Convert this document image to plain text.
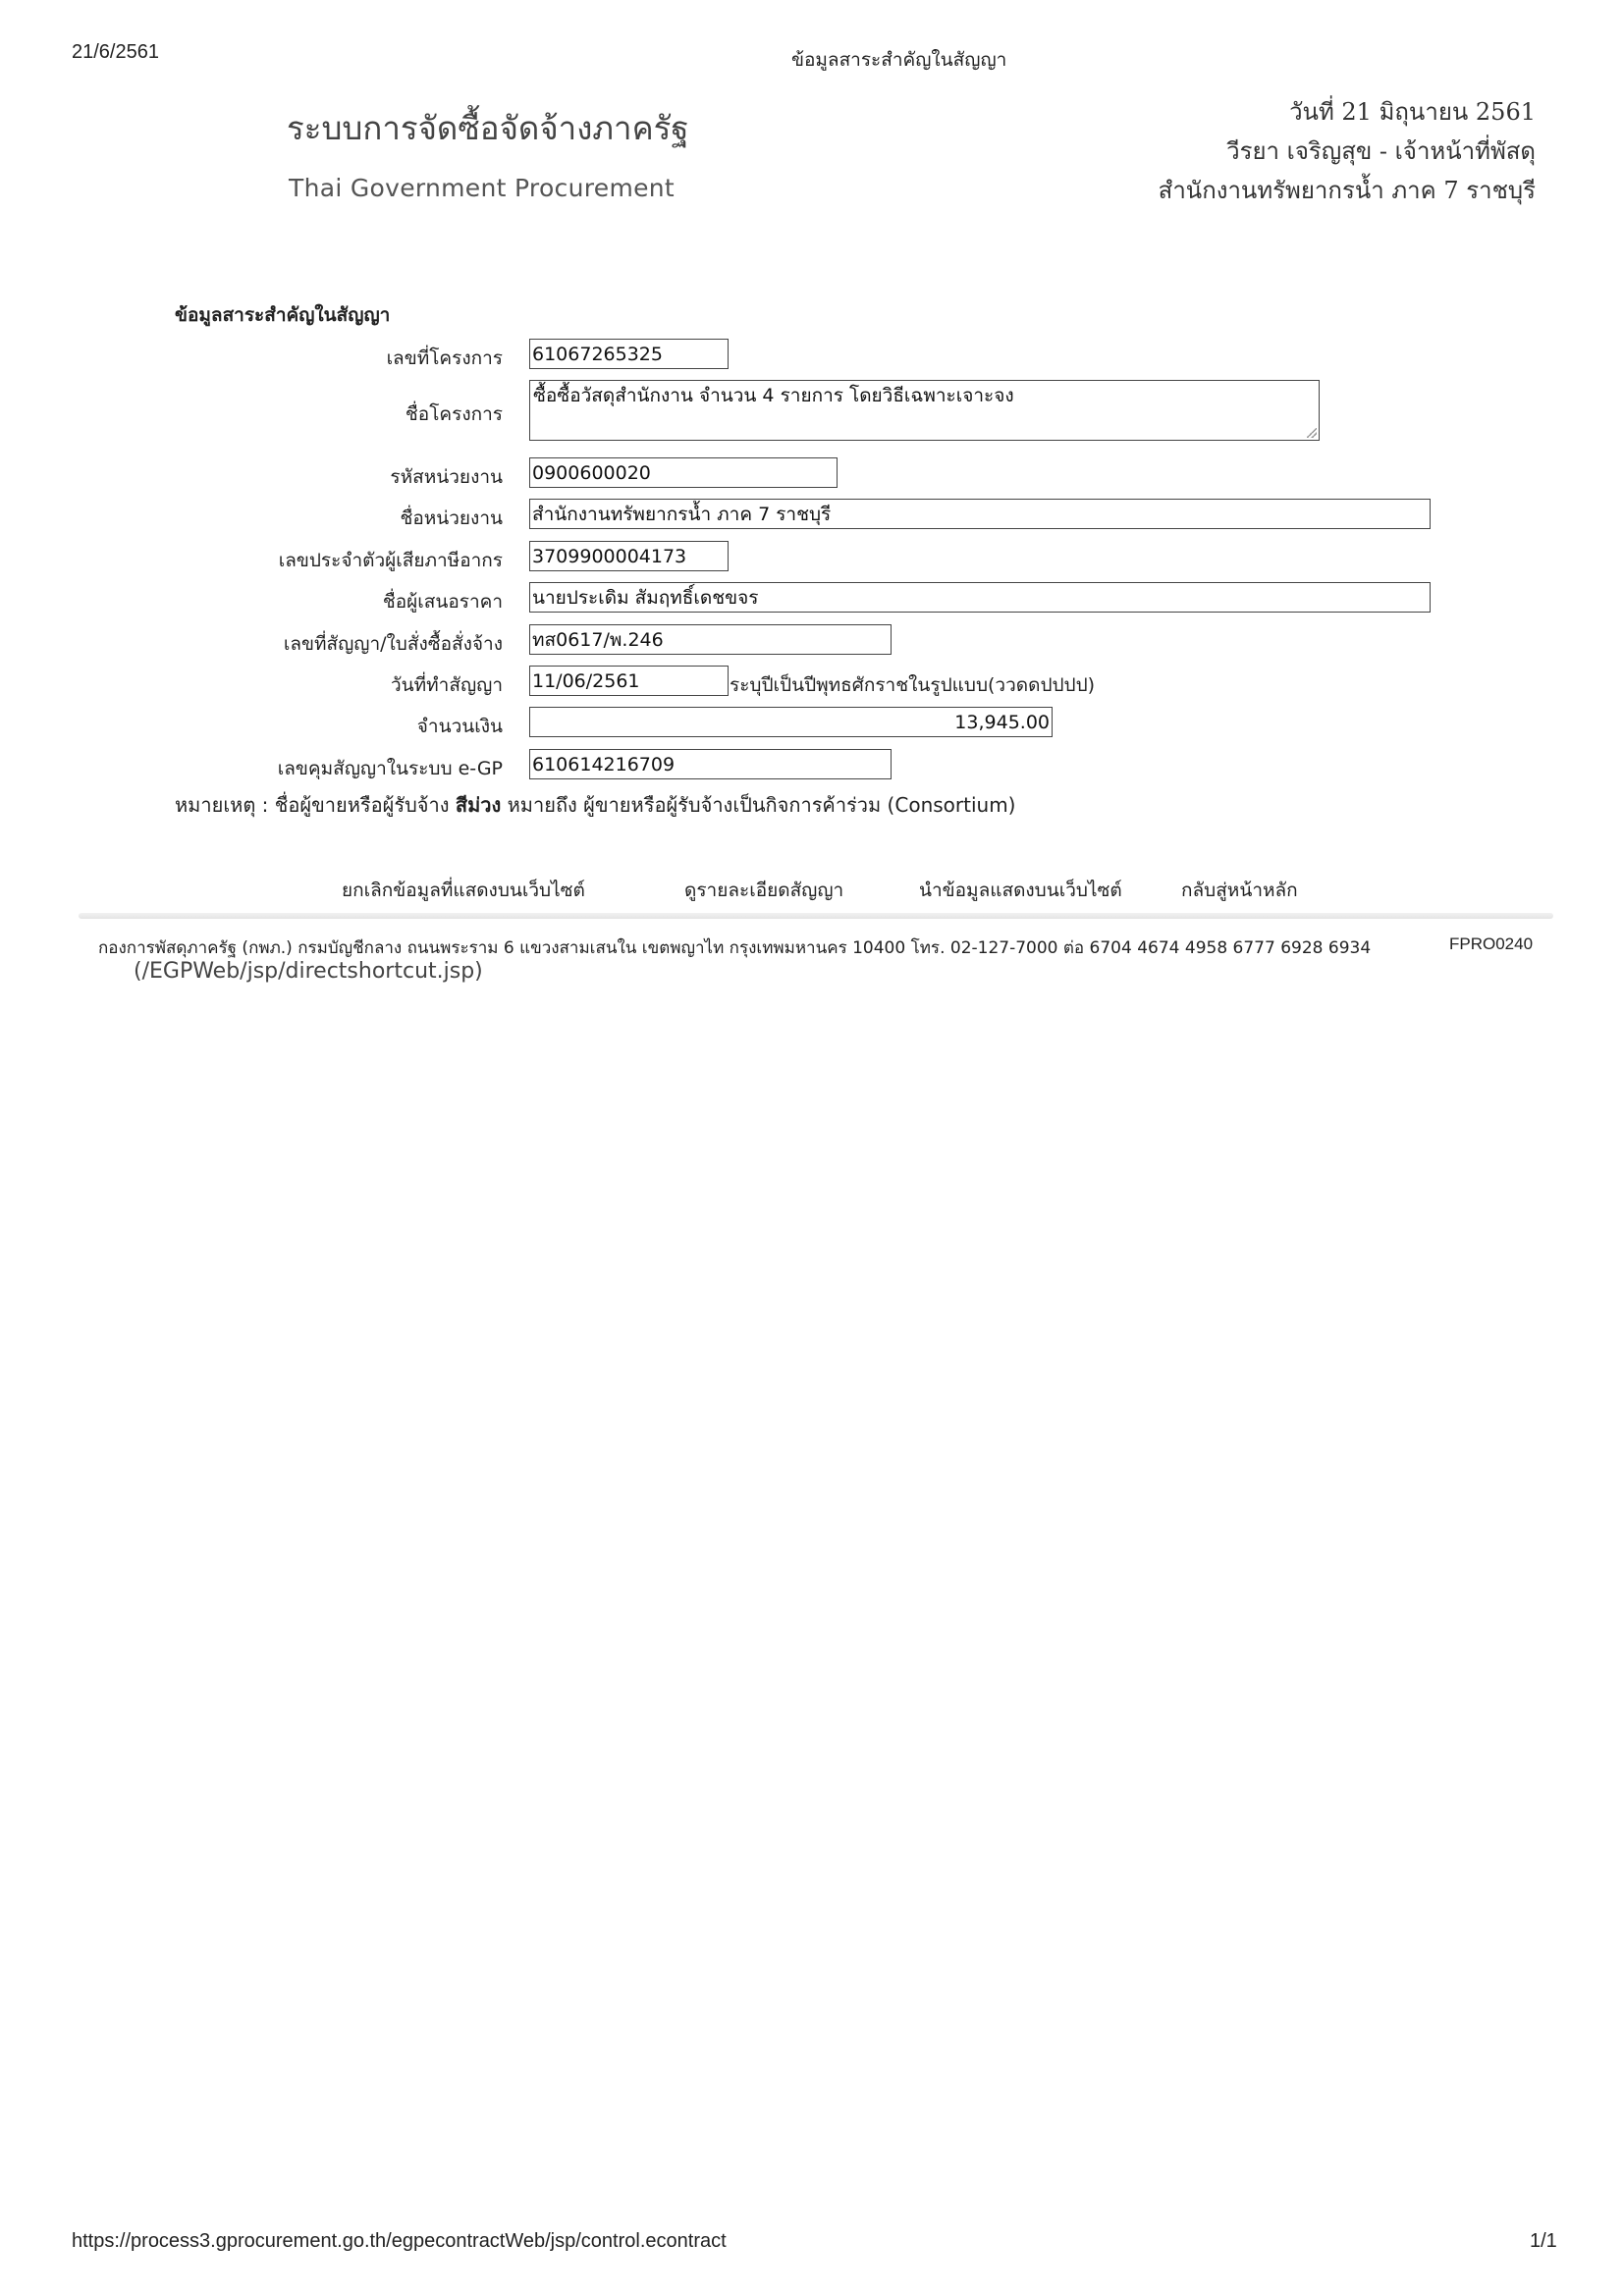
21/6/2561	ข้อมูลสาระสำคัญในสัญญา
ระบบการจัดซื้อจัดจ้างภาครัฐ
Thai Government Procurement
วันที่ 21 มิถุนายน 2561
วีรยา เจริญสุข - เจ้าหน้าที่พัสดุ
สำนักงานทรัพยากรน้ำ ภาค 7 ราชบุรี
ข้อมูลสาระสำคัญในสัญญา
เลขที่โครงการ 61067265325
ชื่อโครงการ
ซื้อซื้อวัสดุสำนักงาน จำนวน 4 รายการ โดยวิธีเฉพาะเจาะจง
รหัสหน่วยงาน 0900600020
ชื่อหน่วยงาน สำนักงานทรัพยากรน้ำ ภาค 7 ราชบุรี
เลขประจำตัวผู้เสียภาษีอากร 3709900004173
ชื่อผู้เสนอราคา นายประเดิม สัมฤทธิ์เดชขจร
เลขที่สัญญา/ใบสั่งซื้อสั่งจ้าง ทส0617/พ.246
วันที่ทำสัญญา 11/06/2561	ระบุปีเป็นปีพุทธศักราชในรูปแบบ(ววดดปปปป)
จำนวนเงิน	13,945.00
เลขคุมสัญญาในระบบ e-GP 610614216709
หมายเหตุ : ชื่อผู้ขายหรือผู้รับจ้าง สีม่วง หมายถึง ผู้ขายหรือผู้รับจ้างเป็นกิจการค้าร่วม (Consortium)
ยกเลิกข้อมูลที่แสดงบนเว็บไซต์	ดูรายละเอียดสัญญา	นำข้อมูลแสดงบนเว็บไซต์	กลับสู่หน้าหลัก
กองการพัสดุภาครัฐ (กพภ.) กรมบัญชีกลาง ถนนพระราม 6 แขวงสามเสนใน เขตพญาไท กรุงเทพมหานคร 10400 โทร. 02-127-7000 ต่อ 6704 4674 4958 6777 6928 6934	FPRO0240
(/EGPWeb/jsp/directshortcut.jsp)
https://process3.gprocurement.go.th/egpecontractWeb/jsp/control.econtract	1/1
